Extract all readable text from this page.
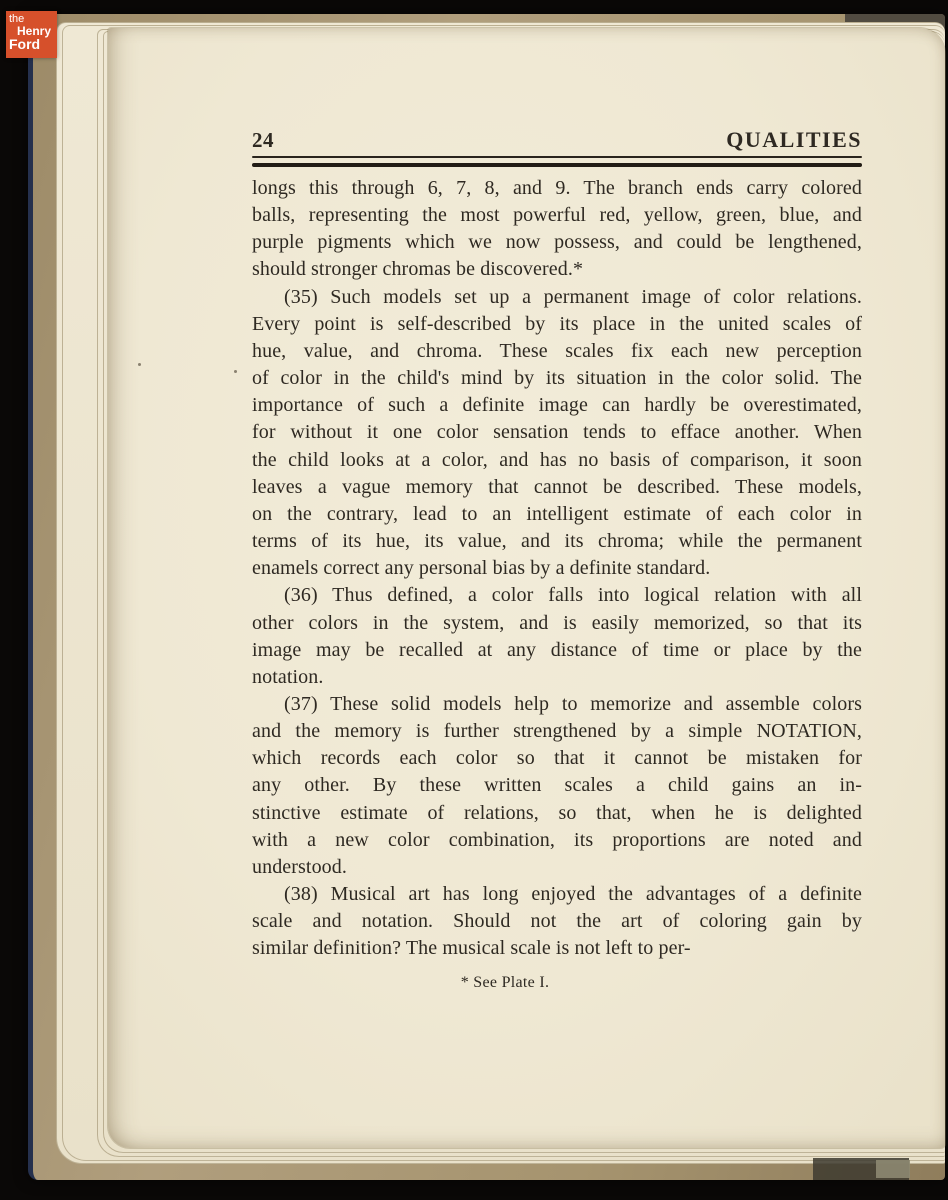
24	QUALITIES
longs this through 6, 7, 8, and 9. The branch ends carry colored
balls, representing the most powerful red, yellow, green, blue, and
purple pigments which we now possess, and could be lengthened,
should stronger chromas be discovered.*
(35) Such models set up a permanent image of color relations.
Every point is self-described by its place in the united scales of
hue, value, and chroma. These scales fix each new perception
of color in the child's mind by its situation in the color solid. The
importance of such a definite image can hardly be overestimated,
for without it one color sensation tends to efface another. When
the child looks at a color, and has no basis of comparison, it soon
leaves a vague memory that cannot be described. These models,
on the contrary, lead to an intelligent estimate of each color in
terms of its hue, its value, and its chroma; while the permanent
enamels correct any personal bias by a definite standard.
(36) Thus defined, a color falls into logical relation with all
other colors in the system, and is easily memorized, so that its
image may be recalled at any distance of time or place by the
notation.
(37) These solid models help to memorize and assemble colors
and the memory is further strengthened by a simple NOTATION,
which records each color so that it cannot be mistaken for
any other. By these written scales a child gains an in-
stinctive estimate of relations, so that, when he is delighted
with a new color combination, its proportions are noted and
understood.
(38) Musical art has long enjoyed the advantages of a definite
scale and notation. Should not the art of coloring gain by
similar definition? The musical scale is not left to per-
* See Plate I.
the
Henry
Ford
